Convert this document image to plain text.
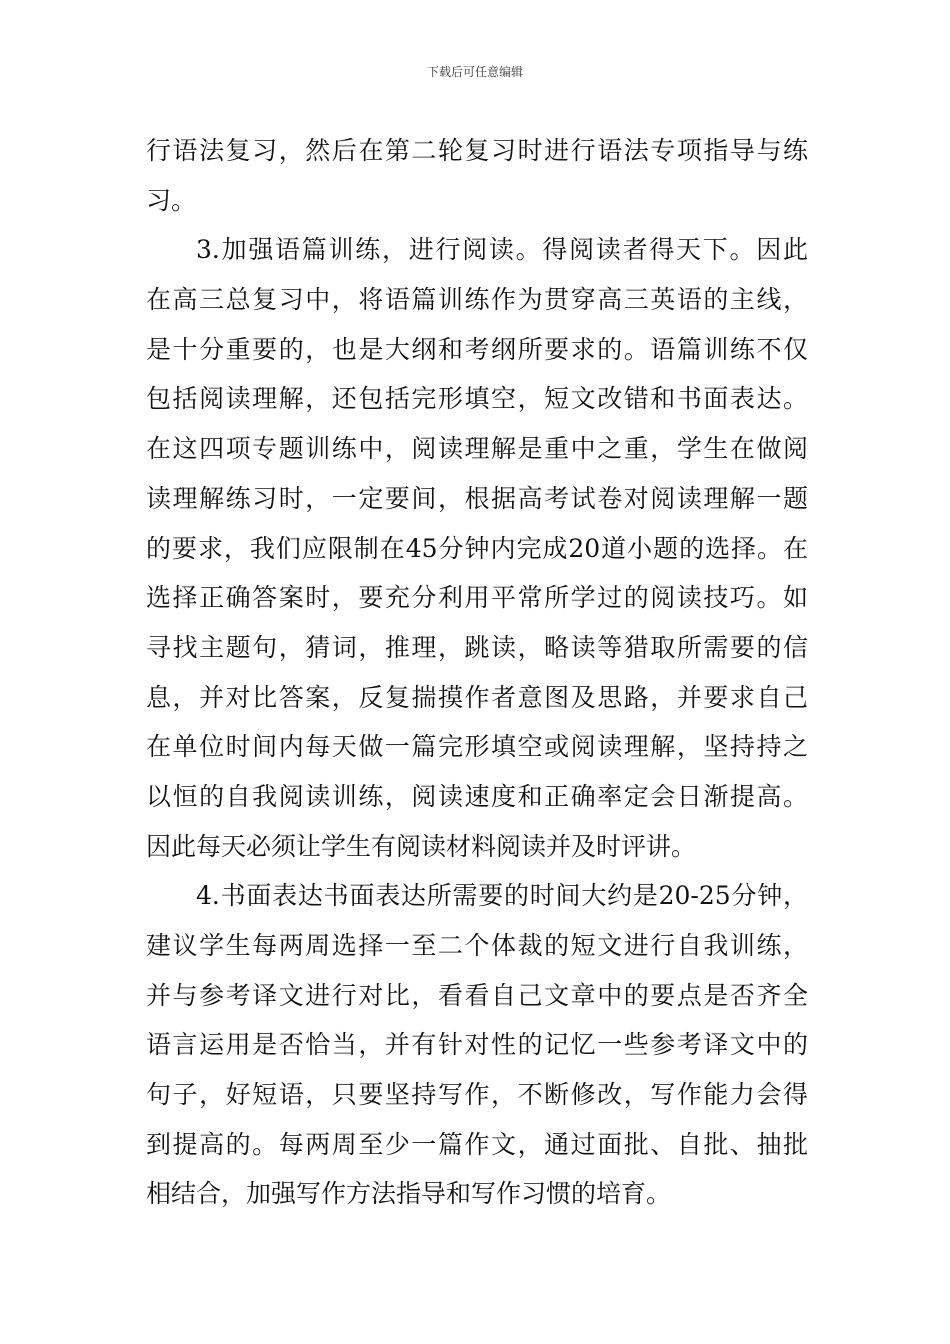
下载后可任意编辑
行语法复习，然后在第二轮复习时进行语法专项指导与练
习。
3.加强语篇训练，进行阅读。得阅读者得天下。因此
在高三总复习中，将语篇训练作为贯穿高三英语的主线，
是十分重要的，也是大纲和考纲所要求的。语篇训练不仅
包括阅读理解，还包括完形填空，短文改错和书面表达。
在这四项专题训练中，阅读理解是重中之重，学生在做阅
读理解练习时，一定要间，根据高考试卷对阅读理解一题
的要求，我们应限制在45分钟内完成20道小题的选择。在
选择正确答案时，要充分利用平常所学过的阅读技巧。如
寻找主题句，猜词，推理，跳读，略读等猎取所需要的信
息，并对比答案，反复揣摸作者意图及思路，并要求自己
在单位时间内每天做一篇完形填空或阅读理解，坚持持之
以恒的自我阅读训练，阅读速度和正确率定会日渐提高。
因此每天必须让学生有阅读材料阅读并及时评讲。
4.书面表达书面表达所需要的时间大约是20-25分钟，
建议学生每两周选择一至二个体裁的短文进行自我训练，
并与参考译文进行对比，看看自己文章中的要点是否齐全
语言运用是否恰当，并有针对性的记忆一些参考译文中的
句子，好短语，只要坚持写作，不断修改，写作能力会得
到提高的。每两周至少一篇作文，通过面批、自批、抽批
相结合，加强写作方法指导和写作习惯的培育。
